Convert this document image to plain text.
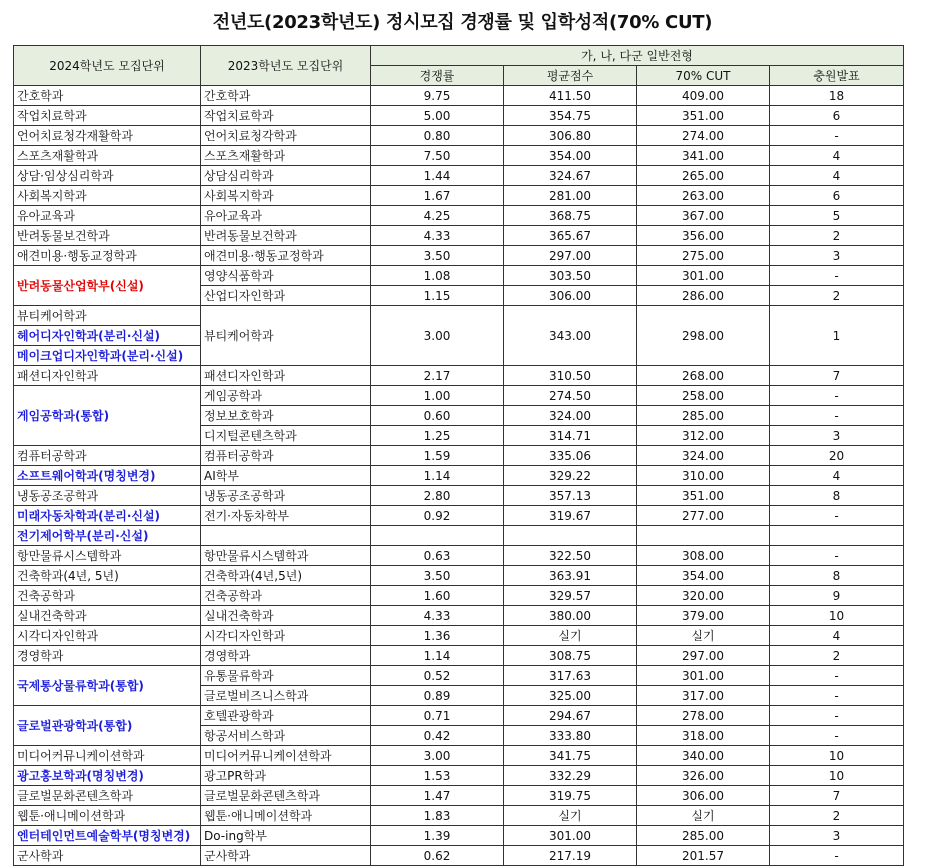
전년도(2023학년도) 정시모집 경쟁률 및 입학성적(70% CUT)
2024학년도 모집단위	2023학년도 모집단위	가, 나, 다군 일반전형			
		경쟁률	평균점수	70% CUT	충원발표
간호학과	간호학과	9.75	411.50	409.00	18
작업치료학과	작업치료학과	5.00	354.75	351.00	6
언어치료청각재활학과	언어치료청각학과	0.80	306.80	274.00	-
스포츠재활학과	스포츠재활학과	7.50	354.00	341.00	4
상담·임상심리학과	상담심리학과	1.44	324.67	265.00	4
사회복지학과	사회복지학과	1.67	281.00	263.00	6
유아교육과	유아교육과	4.25	368.75	367.00	5
반려동물보건학과	반려동물보건학과	4.33	365.67	356.00	2
애견미용·행동교정학과	애견미용·행동교정학과	3.50	297.00	275.00	3
반려동물산업학부(신설)	영양식품학과	1.08	303.50	301.00	-
	산업디자인학과	1.15	306.00	286.00	2
뷰티케어학과	뷰티케어학과	3.00	343.00	298.00	1
헤어디자인학과(분리·신설)					
메이크업디자인학과(분리·신설)					
패션디자인학과	패션디자인학과	2.17	310.50	268.00	7
게임공학과(통합)	게임공학과	1.00	274.50	258.00	-
	정보보호학과	0.60	324.00	285.00	-
	디지털콘텐츠학과	1.25	314.71	312.00	3
컴퓨터공학과	컴퓨터공학과	1.59	335.06	324.00	20
소프트웨어학과(명칭변경)	AI학부	1.14	329.22	310.00	4
냉동공조공학과	냉동공조공학과	2.80	357.13	351.00	8
미래자동차학과(분리·신설)	전기·자동차학부	0.92	319.67	277.00	-
전기제어학부(분리·신설)					
항만물류시스템학과	항만물류시스템학과	0.63	322.50	308.00	-
건축학과(4년, 5년)	건축학과(4년,5년)	3.50	363.91	354.00	8
건축공학과	건축공학과	1.60	329.57	320.00	9
실내건축학과	실내건축학과	4.33	380.00	379.00	10
시각디자인학과	시각디자인학과	1.36	실기	실기	4
경영학과	경영학과	1.14	308.75	297.00	2
국제통상물류학과(통합)	유통물류학과	0.52	317.63	301.00	-
	글로벌비즈니스학과	0.89	325.00	317.00	-
글로벌관광학과(통합)	호텔관광학과	0.71	294.67	278.00	-
	항공서비스학과	0.42	333.80	318.00	-
미디어커뮤니케이션학과	미디어커뮤니케이션학과	3.00	341.75	340.00	10
광고홍보학과(명칭변경)	광고PR학과	1.53	332.29	326.00	10
글로벌문화콘텐츠학과	글로벌문화콘텐츠학과	1.47	319.75	306.00	7
웹툰·애니메이션학과	웹툰·애니메이션학과	1.83	실기	실기	2
엔터테인먼트예술학부(명칭변경)	Do-ing학부	1.39	301.00	285.00	3
군사학과	군사학과	0.62	217.19	201.57	-
